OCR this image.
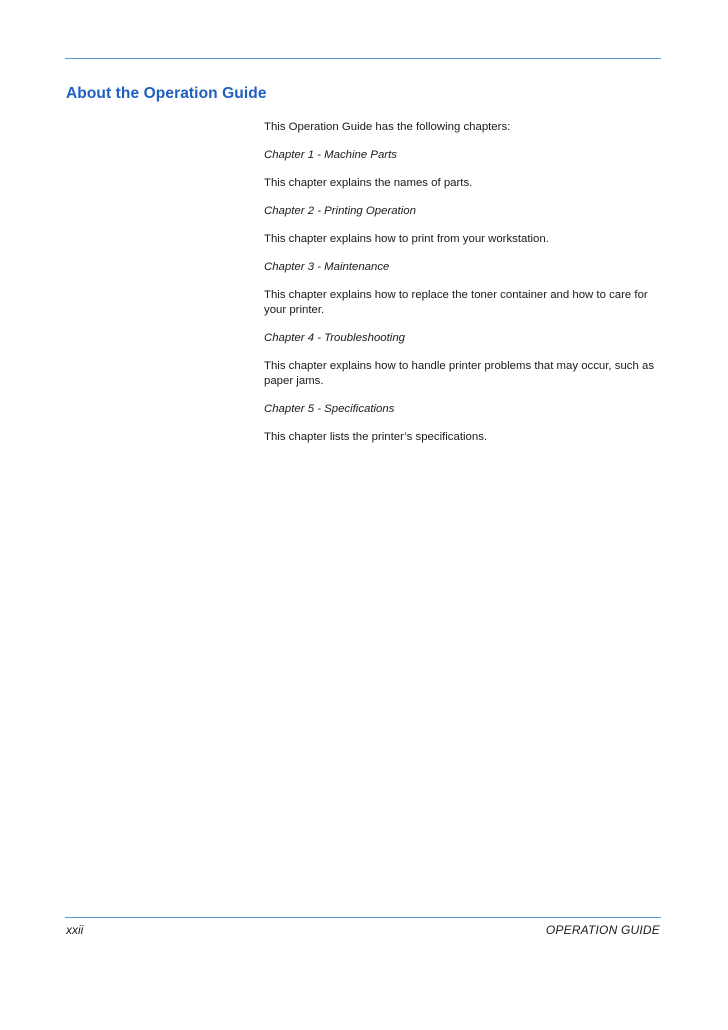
About the Operation Guide

This Operation Guide has the following chapters:

Chapter 1 - Machine Parts

This chapter explains the names of parts.

Chapter 2 - Printing Operation

This chapter explains how to print from your workstation.

Chapter 3 - Maintenance

This chapter explains how to replace the toner container and how to care for your printer.

Chapter 4 - Troubleshooting

This chapter explains how to handle printer problems that may occur, such as paper jams.

Chapter 5 - Specifications

This chapter lists the printer’s specifications.

xxii	OPERATION GUIDE
